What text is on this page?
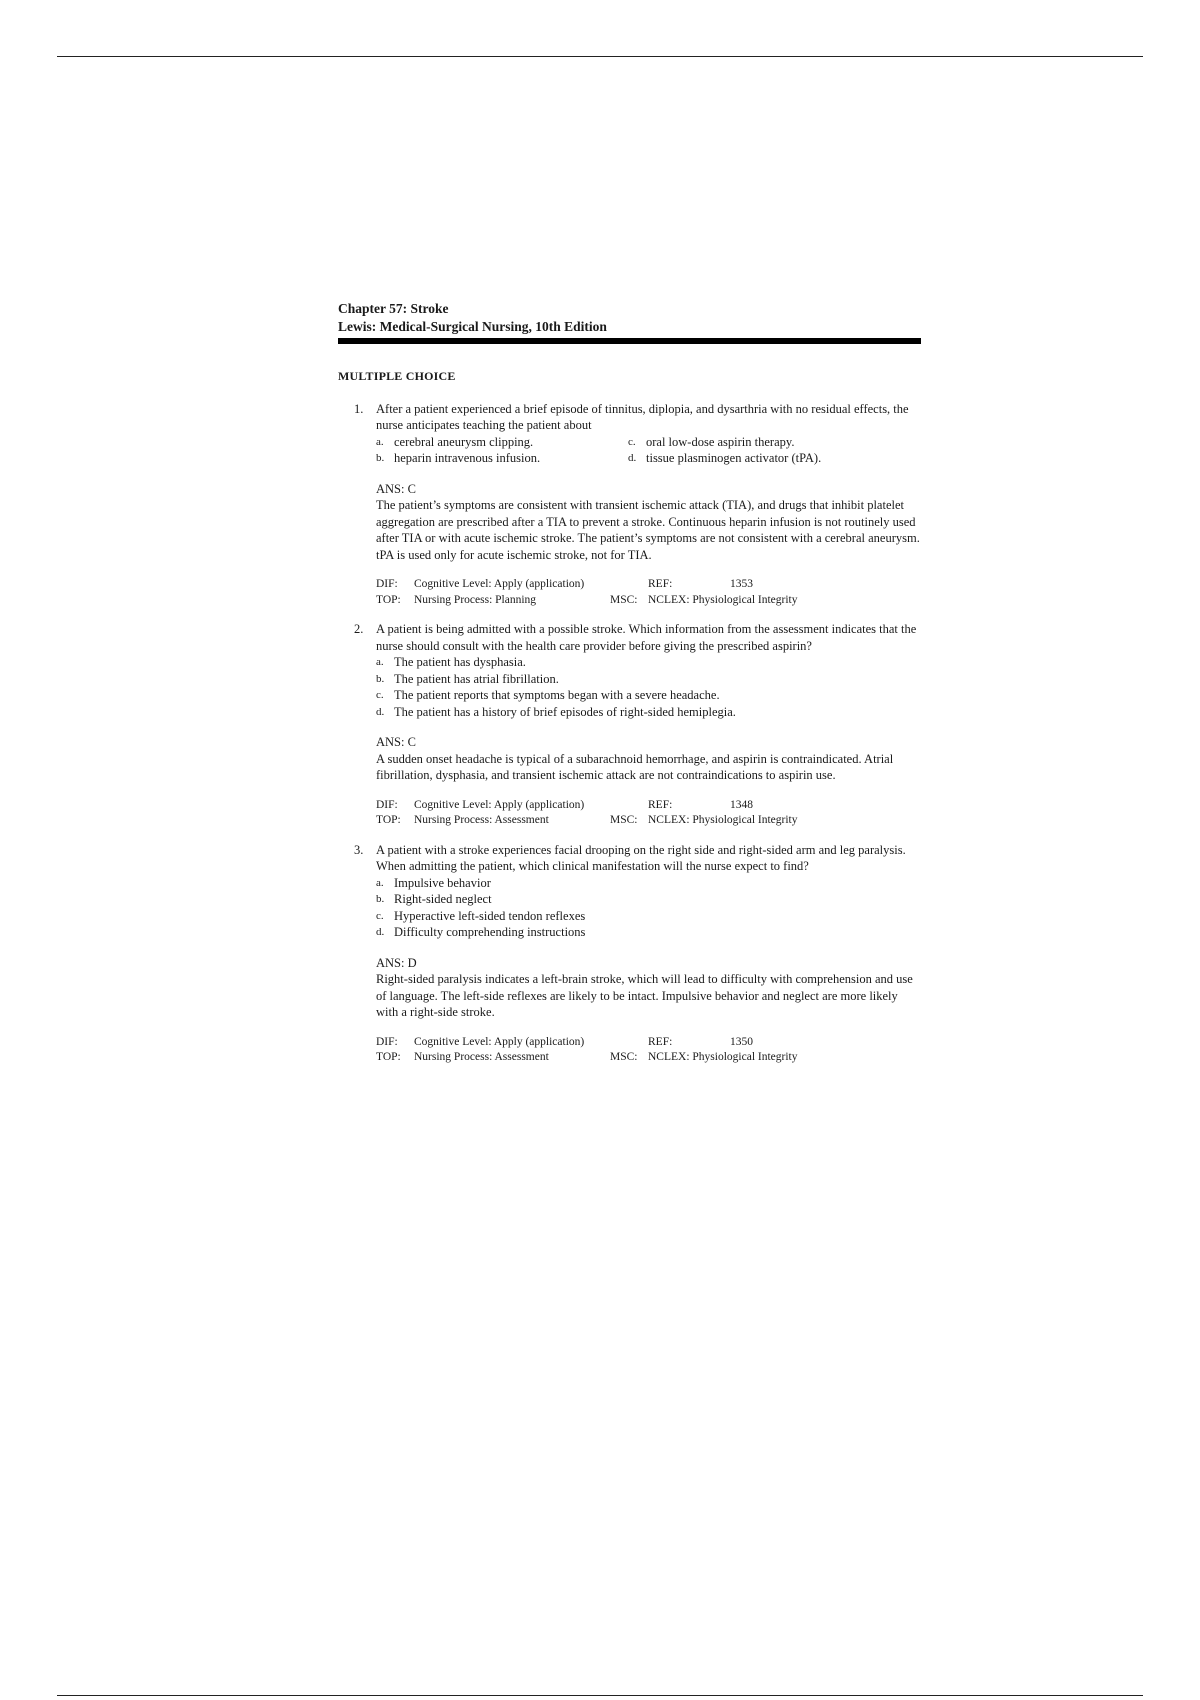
Chapter 57: Stroke
Lewis: Medical-Surgical Nursing, 10th Edition
MULTIPLE CHOICE
1. After a patient experienced a brief episode of tinnitus, diplopia, and dysarthria with no residual effects, the nurse anticipates teaching the patient about
a. cerebral aneurysm clipping.	c. oral low-dose aspirin therapy.
b. heparin intravenous infusion.	d. tissue plasminogen activator (tPA).
ANS: C
The patient’s symptoms are consistent with transient ischemic attack (TIA), and drugs that inhibit platelet aggregation are prescribed after a TIA to prevent a stroke. Continuous heparin infusion is not routinely used after TIA or with acute ischemic stroke. The patient’s symptoms are not consistent with a cerebral aneurysm. tPA is used only for acute ischemic stroke, not for TIA.
DIF: Cognitive Level: Apply (application)	REF:	1353
TOP: Nursing Process: Planning	MSC: NCLEX: Physiological Integrity
2. A patient is being admitted with a possible stroke. Which information from the assessment indicates that the nurse should consult with the health care provider before giving the prescribed aspirin?
a. The patient has dysphasia.
b. The patient has atrial fibrillation.
c. The patient reports that symptoms began with a severe headache.
d. The patient has a history of brief episodes of right-sided hemiplegia.
ANS: C
A sudden onset headache is typical of a subarachnoid hemorrhage, and aspirin is contraindicated. Atrial fibrillation, dysphasia, and transient ischemic attack are not contraindications to aspirin use.
DIF: Cognitive Level: Apply (application)	REF:	1348
TOP: Nursing Process: Assessment	MSC: NCLEX: Physiological Integrity
3. A patient with a stroke experiences facial drooping on the right side and right-sided arm and leg paralysis. When admitting the patient, which clinical manifestation will the nurse expect to find?
a. Impulsive behavior
b. Right-sided neglect
c. Hyperactive left-sided tendon reflexes
d. Difficulty comprehending instructions
ANS: D
Right-sided paralysis indicates a left-brain stroke, which will lead to difficulty with comprehension and use of language. The left-side reflexes are likely to be intact. Impulsive behavior and neglect are more likely with a right-side stroke.
DIF: Cognitive Level: Apply (application)	REF:	1350
TOP: Nursing Process: Assessment	MSC: NCLEX: Physiological Integrity
